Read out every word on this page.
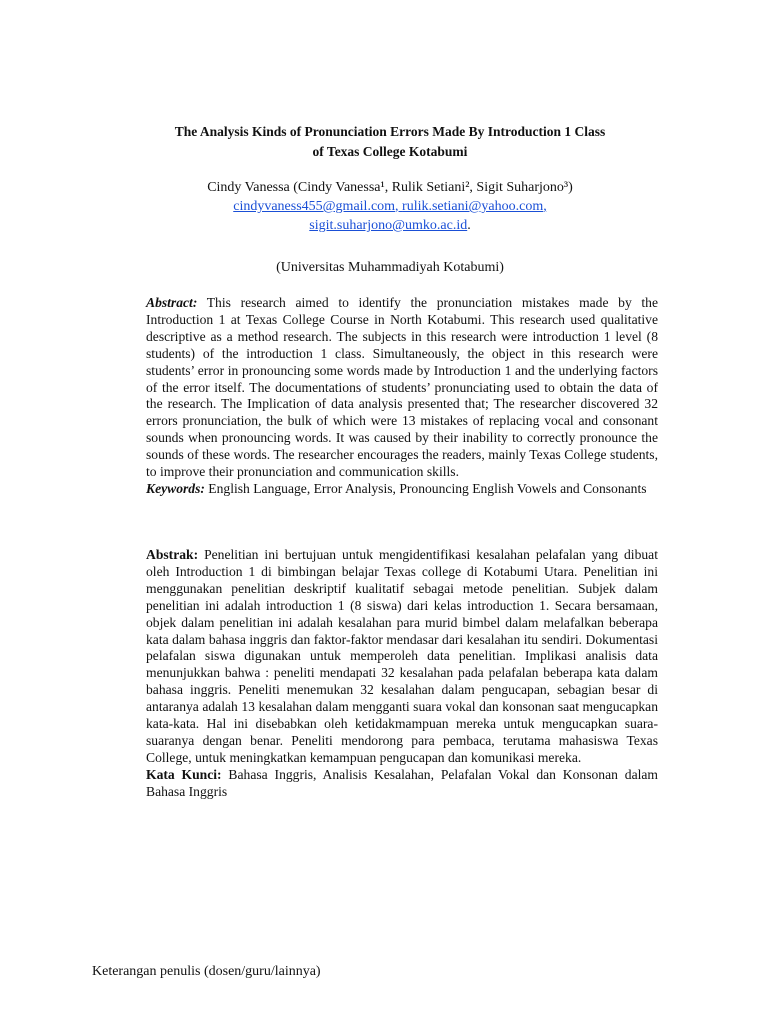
The Analysis Kinds of Pronunciation Errors Made By Introduction 1 Class
of Texas College Kotabumi
Cindy Vanessa (Cindy Vanessa¹, Rulik Setiani², Sigit Suharjono³)
cindyvaness455@gmail.com, rulik.setiani@yahoo.com,
sigit.suharjono@umko.ac.id.
(Universitas Muhammadiyah Kotabumi)

Abstract: This research aimed to identify the pronunciation mistakes made by the Introduction 1 at Texas College Course in North Kotabumi. This research used qualitative descriptive as a method research. The subjects in this research were introduction 1 level (8 students) of the introduction 1 class. Simultaneously, the object in this research were students’ error in pronouncing some words made by Introduction 1 and the underlying factors of the error itself. The documentations of students’ pronunciating used to obtain the data of the research. The Implication of data analysis presented that; The researcher discovered 32 errors pronunciation, the bulk of which were 13 mistakes of replacing vocal and consonant sounds when pronouncing words. It was caused by their inability to correctly pronounce the sounds of these words. The researcher encourages the readers, mainly Texas College students, to improve their pronunciation and communication skills.

Keywords: English Language, Error Analysis, Pronouncing English Vowels and Consonants

Abstrak: Penelitian ini bertujuan untuk mengidentifikasi kesalahan pelafalan yang dibuat oleh Introduction 1 di bimbingan belajar Texas college di Kotabumi Utara. Penelitian ini menggunakan penelitian deskriptif kualitatif sebagai metode penelitian. Subjek dalam penelitian ini adalah introduction 1 (8 siswa) dari kelas introduction 1. Secara bersamaan, objek dalam penelitian ini adalah kesalahan para murid bimbel dalam melafalkan beberapa kata dalam bahasa inggris dan faktor-faktor mendasar dari kesalahan itu sendiri. Dokumentasi pelafalan siswa digunakan untuk memperoleh data penelitian. Implikasi analisis data menunjukkan bahwa : peneliti mendapati 32 kesalahan pada pelafalan beberapa kata dalam bahasa inggris. Peneliti menemukan 32 kesalahan dalam pengucapan, sebagian besar di antaranya adalah 13 kesalahan dalam mengganti suara vokal dan konsonan saat mengucapkan kata-kata. Hal ini disebabkan oleh ketidakmampuan mereka untuk mengucapkan suara-suaranya dengan benar. Peneliti mendorong para pembaca, terutama mahasiswa Texas College, untuk meningkatkan kemampuan pengucapan dan komunikasi mereka.

Kata Kunci: Bahasa Inggris, Analisis Kesalahan, Pelafalan Vokal dan Konsonan dalam Bahasa Inggris

Keterangan penulis (dosen/guru/lainnya)
